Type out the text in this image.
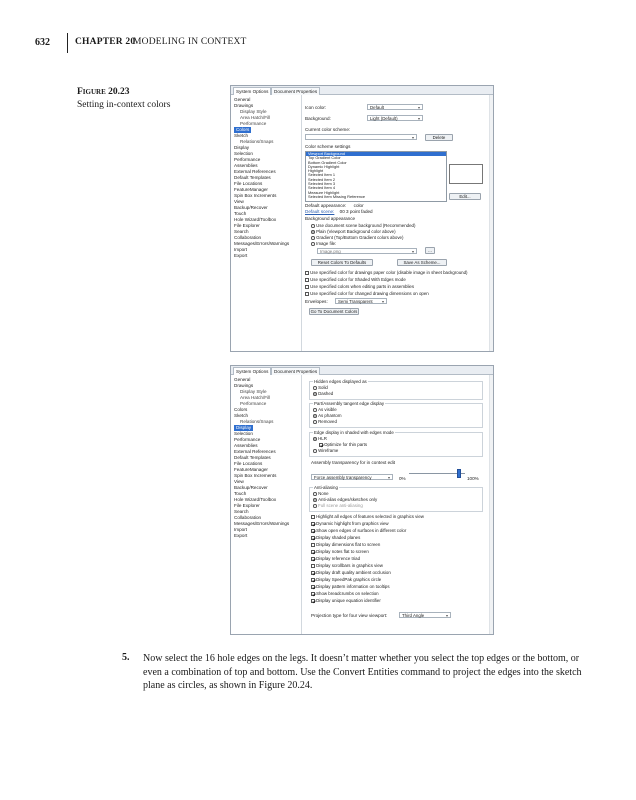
632	CHAPTER 20
MODELING IN CONTEXT
Figure 20.23
Setting in-context colors
System Options	Document Properties
General
Drawings
Display Style
Area Hatch/Fill
Performance
Colors
Sketch
Relations/Snaps
Display
Selection
Performance
Assemblies
External References
Default Templates
File Locations
FeatureManager
Spin Box Increments
View
Backup/Recover
Touch
Hole Wizard/Toolbox
File Explorer
Search
Collaboration
Messages/Errors/Warnings
Import
Export
Icon color:	Default ▾
Background:	Light (Default) ▾
Current color scheme:
▾
Delete
Color scheme settings
Viewport Background
Top Gradient Color
Bottom Gradient Color
Dynamic Highlight
Highlight
Selected Item 1
Selected Item 2
Selected Item 3
Selected Item 4
Measure Highlight
Selected Item Missing Reference	Edit...
Default appearance: color
Default scene: 00 3 point faded
Background appearance
Use document scene background (Recommended)
Plain (Viewport Background color above)
Gradient (Top/Bottom Gradient colors above)
Image file:
Image.png ▾	...
Reset Colors To Defaults	Save As Scheme...
Use specified color for drawings paper color (disable image in sheet background)
Use specified color for Shaded With Edges mode
Use specified colors when editing parts in assemblies
Use specified color for changed drawing dimensions on open
Envelopes:	Semi Transparent ▾
Go To Document Colors
System Options	Document Properties
General
Drawings
Display Style
Area Hatch/Fill
Performance
Colors
Sketch
Relations/Snaps
Display
Selection
Performance
Assemblies
External References
Default Templates
File Locations
FeatureManager
Spin Box Increments
View
Backup/Recover
Touch
Hole Wizard/Toolbox
File Explorer
Search
Collaboration
Messages/Errors/Warnings
Import
Export
Hidden edges displayed as
Solid
Dashed
Part/Assembly tangent edge display
As visible
As phantom
Removed
Edge display in shaded with edges mode
HLR
Optimize for thin parts
Wireframe
Assembly transparency for in context edit
Force assembly transparency ▾	0%	100%
Anti-aliasing
None
Anti-alias edges/sketches only
Full scene anti-aliasing
Highlight all edges of features selected in graphics view
Dynamic highlight from graphics view
Show open edges of surfaces in different color
Display shaded planes
Display dimensions flat to screen
Display notes flat to screen
Display reference triad
Display scrollbars in graphics view
Display draft quality ambient occlusion
Display SpeedPak graphics circle
Display pattern information on tooltips
Show breadcrumbs on selection
Display unique equation identifier
Projection type for four view viewport:	Third Angle ▾
5. Now select the 16 hole edges on the legs. It doesn’t matter whether you select the top edges or the bottom, or even a combination of top and bottom. Use the Convert Entities command to project the edges into the sketch plane as circles, as shown in Figure 20.24.
